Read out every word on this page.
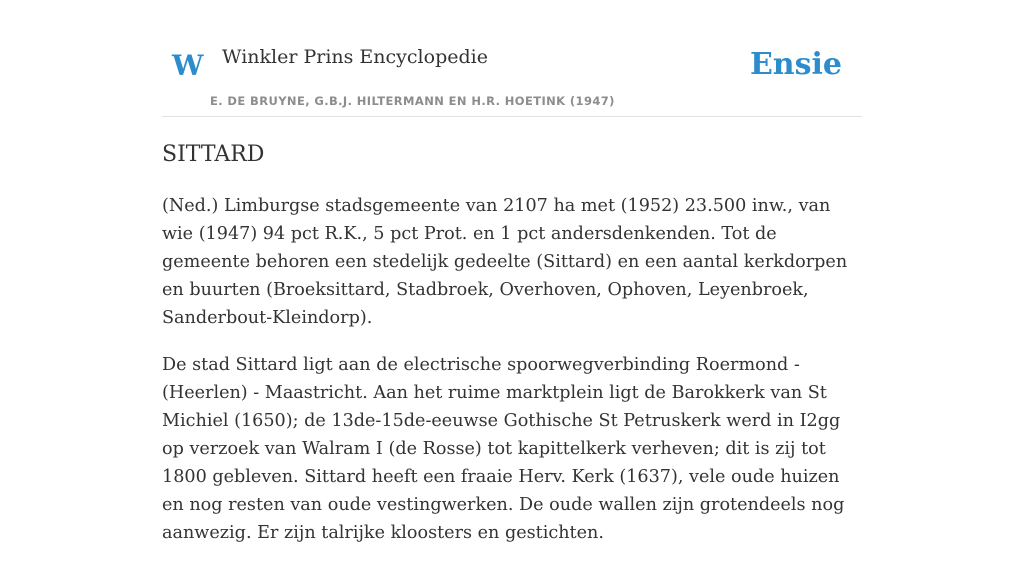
W Winkler Prins Encyclopedie
E. DE BRUYNE, G.B.J. HILTERMANN EN H.R. HOETINK (1947)
Ensie
SITTARD

(Ned.) Limburgse stadsgemeente van 2107 ha met (1952) 23.500 inw., van wie (1947) 94 pct R.K., 5 pct Prot. en 1 pct andersdenkenden. Tot de gemeente behoren een stedelijk gedeelte (Sittard) en een aantal kerkdorpen en buurten (Broeksittard, Stadbroek, Overhoven, Ophoven, Leyenbroek, Sanderbout-Kleindorp).

De stad Sittard ligt aan de electrische spoorwegverbinding Roermond - (Heerlen) - Maastricht. Aan het ruime marktplein ligt de Barokkerk van St Michiel (1650); de 13de-15de-eeuwse Gothische St Petruskerk werd in I2gg op verzoek van Walram I (de Rosse) tot kapittelkerk verheven; dit is zij tot 1800 gebleven. Sittard heeft een fraaie Herv. Kerk (1637), vele oude huizen en nog resten van oude vestingwerken. De oude wallen zijn grotendeels nog aanwezig. Er zijn talrijke kloosters en gestichten.
